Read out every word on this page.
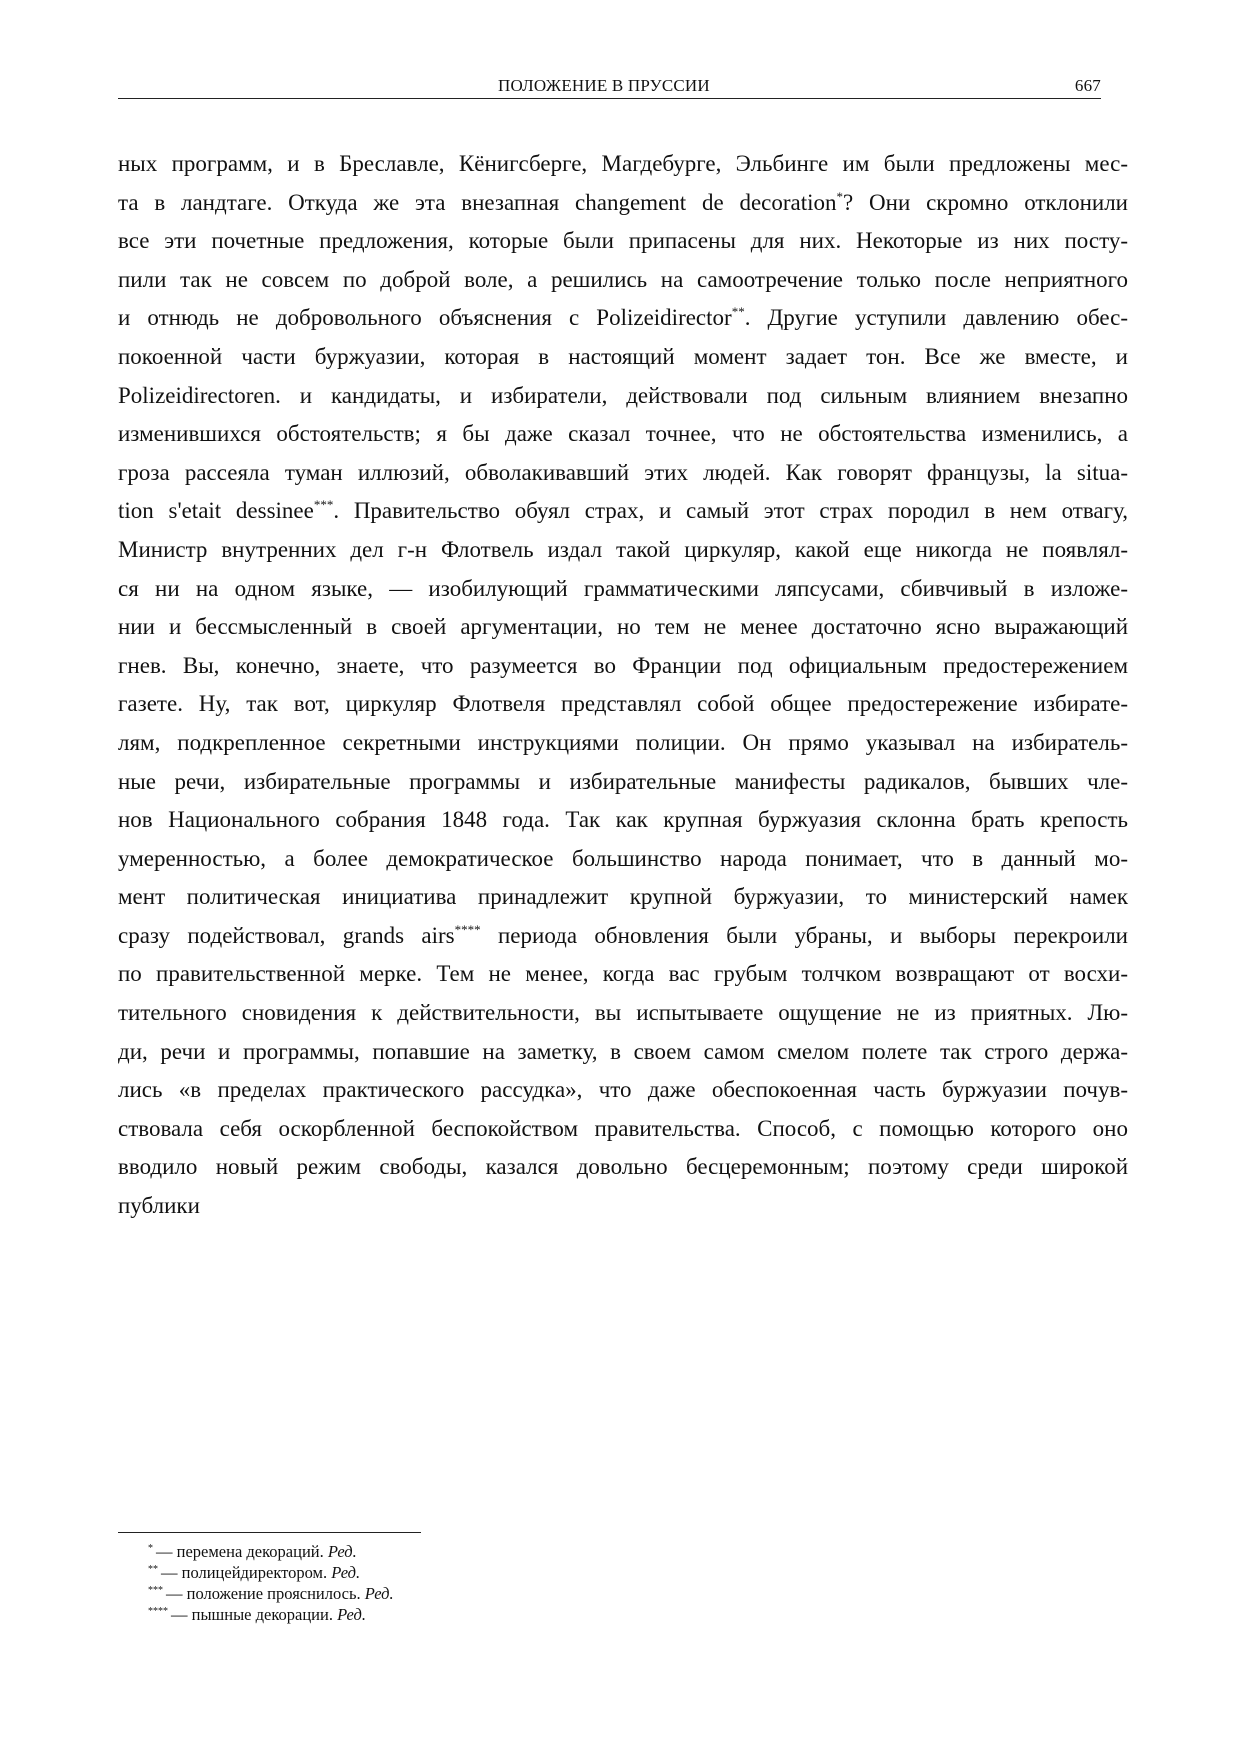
ПОЛОЖЕНИЕ В ПРУССИИ	667
ных программ, и в Бреславле, Кёнигсберге, Магдебурге, Эльбинге им были предложены мес-
та в ландтаге. Откуда же эта внезапная changement de decoration*? Они скромно отклонили
все эти почетные предложения, которые были припасены для них. Некоторые из них посту-
пили так не совсем по доброй воле, а решились на самоотречение только после неприятного
и отнюдь не добровольного объяснения с Polizeidirector**. Другие уступили давлению обес-
покоенной части буржуазии, которая в настоящий момент задает тон. Все же вместе, и
Polizeidirectoren. и кандидаты, и избиратели, действовали под сильным влиянием внезапно
изменившихся обстоятельств; я бы даже сказал точнее, что не обстоятельства изменились, а
гроза рассеяла туман иллюзий, обволакивавший этих людей. Как говорят французы, la situa-
tion s'etait dessinee***. Правительство обуял страх, и самый этот страх породил в нем отвагу,
Министр внутренних дел г-н Флотвель издал такой циркуляр, какой еще никогда не появлял-
ся ни на одном языке, — изобилующий грамматическими ляпсусами, сбивчивый в изложе-
нии и бессмысленный в своей аргументации, но тем не менее достаточно ясно выражающий
гнев. Вы, конечно, знаете, что разумеется во Франции под официальным предостережением
газете. Ну, так вот, циркуляр Флотвеля представлял собой общее предостережение избирате-
лям, подкрепленное секретными инструкциями полиции. Он прямо указывал на избиратель-
ные речи, избирательные программы и избирательные манифесты радикалов, бывших чле-
нов Национального собрания 1848 года. Так как крупная буржуазия склонна брать крепость
умеренностью, а более демократическое большинство народа понимает, что в данный мо-
мент политическая инициатива принадлежит крупной буржуазии, то министерский намек
сразу подействовал, grands airs**** периода обновления были убраны, и выборы перекроили
по правительственной мерке. Тем не менее, когда вас грубым толчком возвращают от восхи-
тительного сновидения к действительности, вы испытываете ощущение не из приятных. Лю-
ди, речи и программы, попавшие на заметку, в своем самом смелом полете так строго держа-
лись «в пределах практического рассудка», что даже обеспокоенная часть буржуазии почув-
ствовала себя оскорбленной беспокойством правительства. Способ, с помощью которого оно
вводило новый режим свободы, казался довольно бесцеремонным; поэтому среди широкой
публики
* — перемена декораций. Ред.
** — полицейдиректором. Ред.
*** — положение прояснилось. Ред.
**** — пышные декорации. Ред.
